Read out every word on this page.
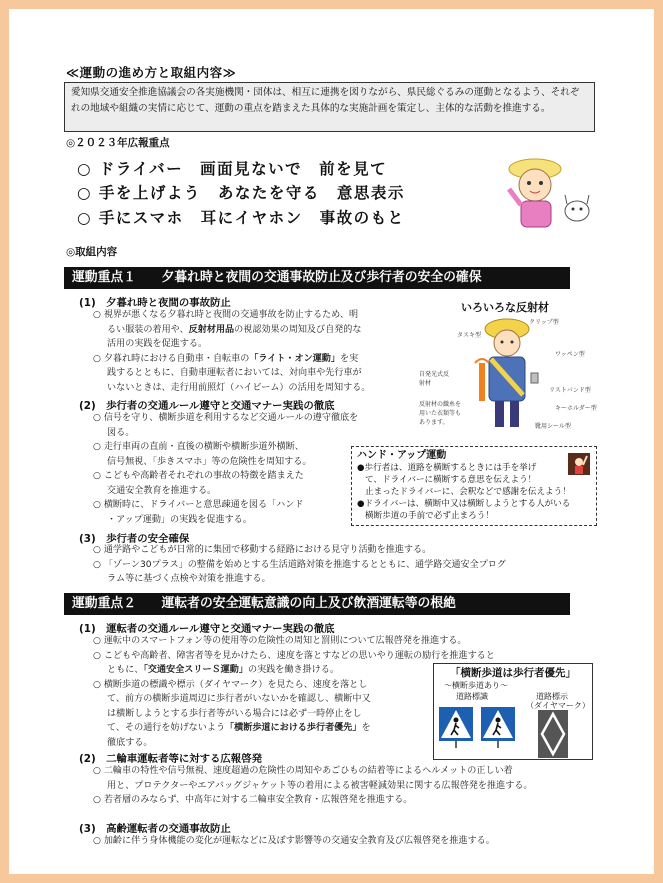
≪運動の進め方と取組内容≫
愛知県交通安全推進協議会の各実施機関・団体は、相互に連携を図りながら、県民総ぐるみの運動となるよう、それぞれの地域や組織の実情に応じて、運動の重点を踏まえた具体的な実施計画を策定し、主体的な活動を推進する。
◎２０２３年広報重点
○ ドライバー　画面見ないで　前を見て
○ 手を上げよう　あなたを守る　意思表示
○ 手にスマホ　耳にイヤホン　事故のもと
◎取組内容
運動重点１　　夕暮れ時と夜間の交通事故防止及び歩行者の安全の確保
(1)　夕暮れ時と夜間の事故防止
○ 視界が悪くなる夕暮れ時と夜間の交通事故を防止するため、明
るい服装の着用や、反射材用品の視認効果の周知及び自発的な
活用の実践を促進する。
○ 夕暮れ時における自動車・自転車の「ライト・オン運動」を実
践するとともに、自動車運転者においては、対向車や先行車が
いないときは、走行用前照灯（ハイビーム）の活用を周知する。
いろいろな反射材
クリップ型
タスキ型
ワッペン型
自発光式反射材
リストバンド型
キーホルダー型
反射材の織糸を用いた衣類等もあります。
靴用シール型
(2)　歩行者の交通ルール遵守と交通マナー実践の徹底
○ 信号を守り、横断歩道を利用するなど交通ルールの遵守徹底を
図る。
○ 走行車両の直前・直後の横断や横断歩道外横断、
信号無視、「歩きスマホ」等の危険性を周知する。
○ こどもや高齢者それぞれの事故の特徴を踏まえた
交通安全教育を推進する。
○ 横断時に、ドライバーと意思疎通を図る「ハンド
・アップ運動」の実践を促進する。
ハンド・アップ運動
●歩行者は、道路を横断するときには手を挙げ
て、ドライバーに横断する意思を伝えよう！
止まったドライバーに、会釈などで感謝を伝えよう！
●ドライバーは、横断中又は横断しようとする人がいる
横断歩道の手前で必ず止まろう！
(3)　歩行者の安全確保
○ 通学路やこどもが日常的に集団で移動する経路における見守り活動を推進する。
○ 「ゾーン30プラス」の整備を始めとする生活道路対策を推進するとともに、通学路交通安全プログ
ラム等に基づく点検や対策を推進する。
運動重点２　　運転者の安全運転意識の向上及び飲酒運転等の根絶
(1)　運転者の交通ルール遵守と交通マナー実践の徹底
○ 運転中のスマートフォン等の使用等の危険性の周知と罰則について広報啓発を推進する。
○ こどもや高齢者、障害者等を見かけたら、速度を落とすなどの思いやり運転の励行を推進すると
ともに、「交通安全スリーＳ運動」の実践を働き掛ける。
○ 横断歩道の標識や標示（ダイヤマーク）を見たら、速度を落とし
て、前方の横断歩道周辺に歩行者がいないかを確認し、横断中又
は横断しようとする歩行者等がいる場合には必ず一時停止をし
て、その通行を妨げないよう「横断歩道における歩行者優先」を
徹底する。
「横断歩道は歩行者優先」
～横断歩道あり～
道路標識	道路標示
（ダイヤマーク）
(2)　二輪車運転者等に対する広報啓発
○ 二輪車の特性や信号無視、速度超過の危険性の周知やあごひもの結着等によるヘルメットの正しい着
用と、プロテクターやエアバッグジャケット等の着用による被害軽減効果に関する広報啓発を推進する。
○ 若者層のみならず、中高年に対する二輪車安全教育・広報啓発を推進する。
(3)　高齢運転者の交通事故防止
○ 加齢に伴う身体機能の変化が運転などに及ぼす影響等の交通安全教育及び広報啓発を推進する。
